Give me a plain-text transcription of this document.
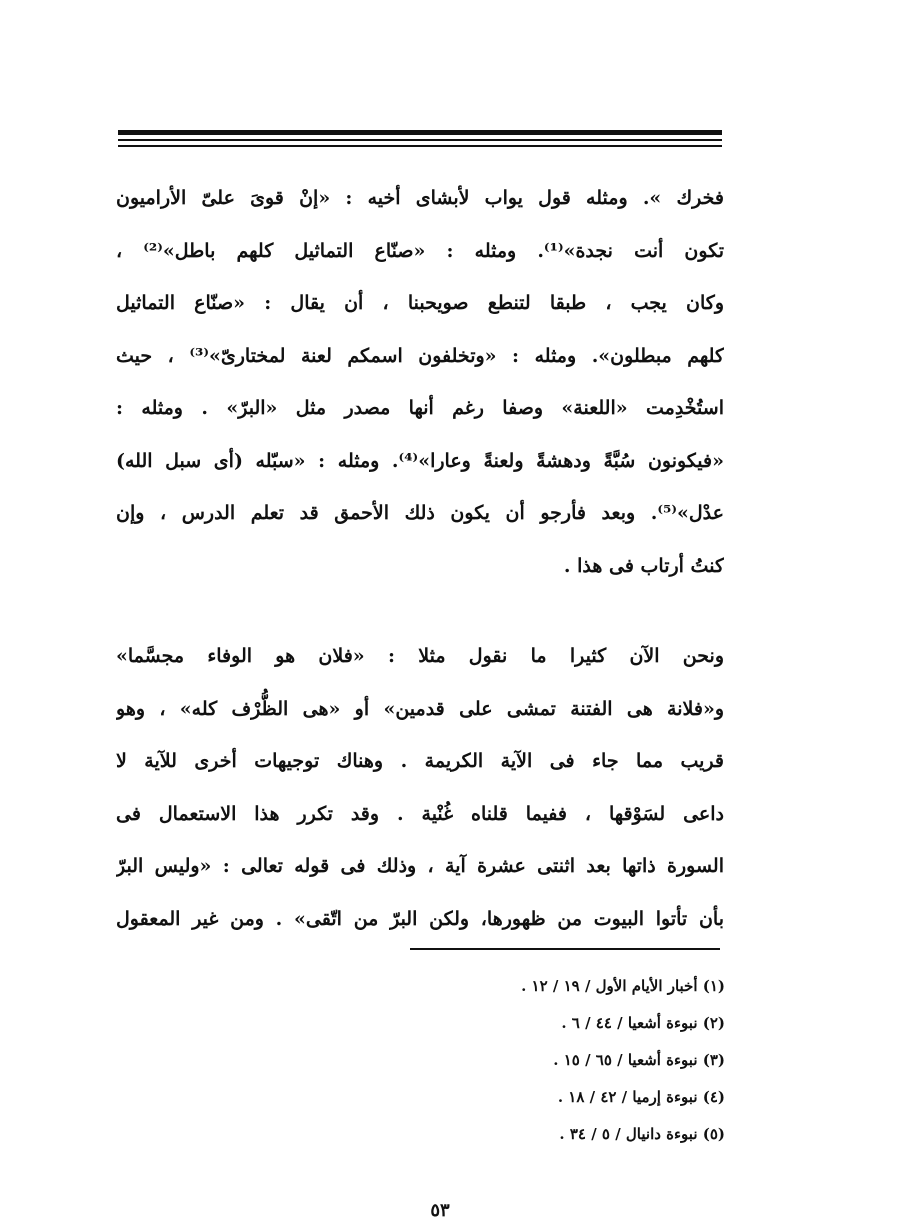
فخرك ». ومثله قول يواب لأبشاى أخيه : «إنْ قوىَ علىّ الأراميون
تكون أنت نجدة»⁽¹⁾. ومثله : «صنّاع التماثيل كلهم باطل»⁽²⁾ ،
وكان يجب ، طبقا لتنطع صويحبنا ، أن يقال : «صنّاع التماثيل
كلهم مبطلون». ومثله : «وتخلفون اسمكم لعنة لمختارىّ»⁽³⁾ ، حيث
استُخْدِمت «اللعنة» وصفا رغم أنها مصدر مثل «البرّ» . ومثله :
«فيكونون سُبَّةً ودهشةً ولعنةً وعارا»⁽⁴⁾. ومثله : «سبّله (أى سبل الله)
عدْل»⁽⁵⁾. وبعد فأرجو أن يكون ذلك الأحمق قد تعلم الدرس ، وإن
كنتُ أرتاب فى هذا .
ونحن الآن كثيرا ما نقول مثلا : «فلان هو الوفاء مجسَّما»
و«فلانة هى الفتنة تمشى على قدمين» أو «هى الظُّرْف كله» ، وهو
قريب مما جاء فى الآية الكريمة . وهناك توجيهات أخرى للآية لا
داعى لسَوْقها ، ففيما قلناه غُنْية . وقد تكرر هذا الاستعمال فى
السورة ذاتها بعد اثنتى عشرة آية ، وذلك فى قوله تعالى : «وليس البرّ
بأن تأتوا البيوت من ظهورها، ولكن البرّ من اتّقى» . ومن غير المعقول
(١) أخبار الأيام الأول / ١٩ / ١٢ .
(٢) نبوءة أشعيا / ٤٤ / ٦ .
(٣) نبوءة أشعيا / ٦٥ / ١٥ .
(٤) نبوءة إرميا / ٤٢ / ١٨ .
(٥) نبوءة دانيال / ٥ / ٣٤ .
٥٣
